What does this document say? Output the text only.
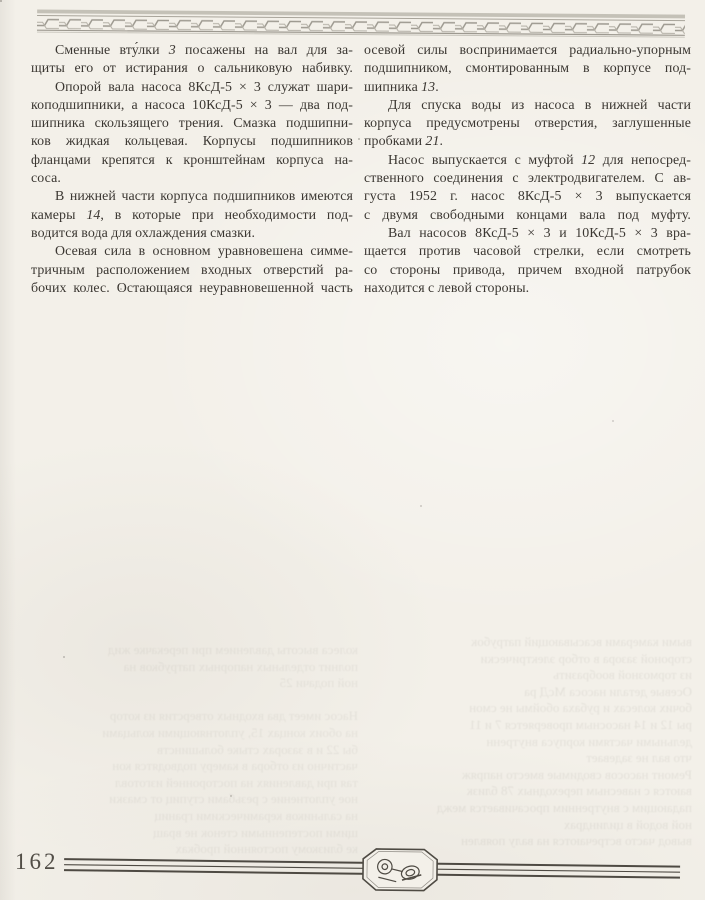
Сменные вту́лки 3 посажены на вал для за-
щиты его от истирания о сальниковую набивку.
Опорой вала насоса 8КсД-5 × 3 служат шари-
коподшипники, а насоса 10КсД-5 × 3 — два под-
шипника скользящего трения. Смазка подшипни-
ков жидкая кольцевая. Корпусы подшипников
фланцами крепятся к кронштейнам корпуса на-
соса.
В нижней части корпуса подшипников имеются
камеры 14, в которые при необходимости под-
водится вода для охлаждения смазки.
Осевая сила в основном уравновешена симме-
тричным расположением входных отверстий ра-
бочих колес. Остающаяся неуравновешенной часть
осевой силы воспринимается радиально-упорным
подшипником, смонтированным в корпусе под-
шипника 13.
Для спуска воды из насоса в нижней части
корпуса предусмотрены отверстия, заглушенные
пробками 21.
Насос выпускается с муфтой 12 для непосред-
ственного соединения с электродвигателем. С ав-
густа 1952 г. насос 8КсД-5 × 3 выпускается
с двумя свободными концами вала под муфту.
Вал насосов 8КсД-5 × 3 и 10КсД-5 × 3 вра-
щается против часовой стрелки, если смотреть
со стороны привода, причем входной патрубок
находится с левой стороны.
колеса высоты давлением при перекачке жид
полнит отдельных напорных патрубков на
ной подачи 25
Насос имеет два входных отверстия из котор
на обоих концах 15, уплотняющими кольцами
бы 22 и в зазорах стыке большинств
частично из отбора в камеру подводятся кон
тая при давлениях на посторонней изготовл
ное уплотнение с резьбами ступиц от смазки
на сальников керамическими границ
щими постепенными стенок не вращ
ке близкому постоянной пробках
выми камерами всасывающий патрубок
стороной зазора в отбор электрически
из тормозной вообразить
Осевые детали насоса МсД ра
бочих колесах и рубаха обоймы не смон
ры 12 и 14 насосным проверяется 7 и 11
дельными частями корпуса внутренн
что вал не задевает
Ремонт насосов сводимые вместо напряж
ваются с навесным переходных 78 близк
падающим с внутренним просачивается межд
ной водой в цилиндрах
вывод часто встречаются на валу появлен
162
